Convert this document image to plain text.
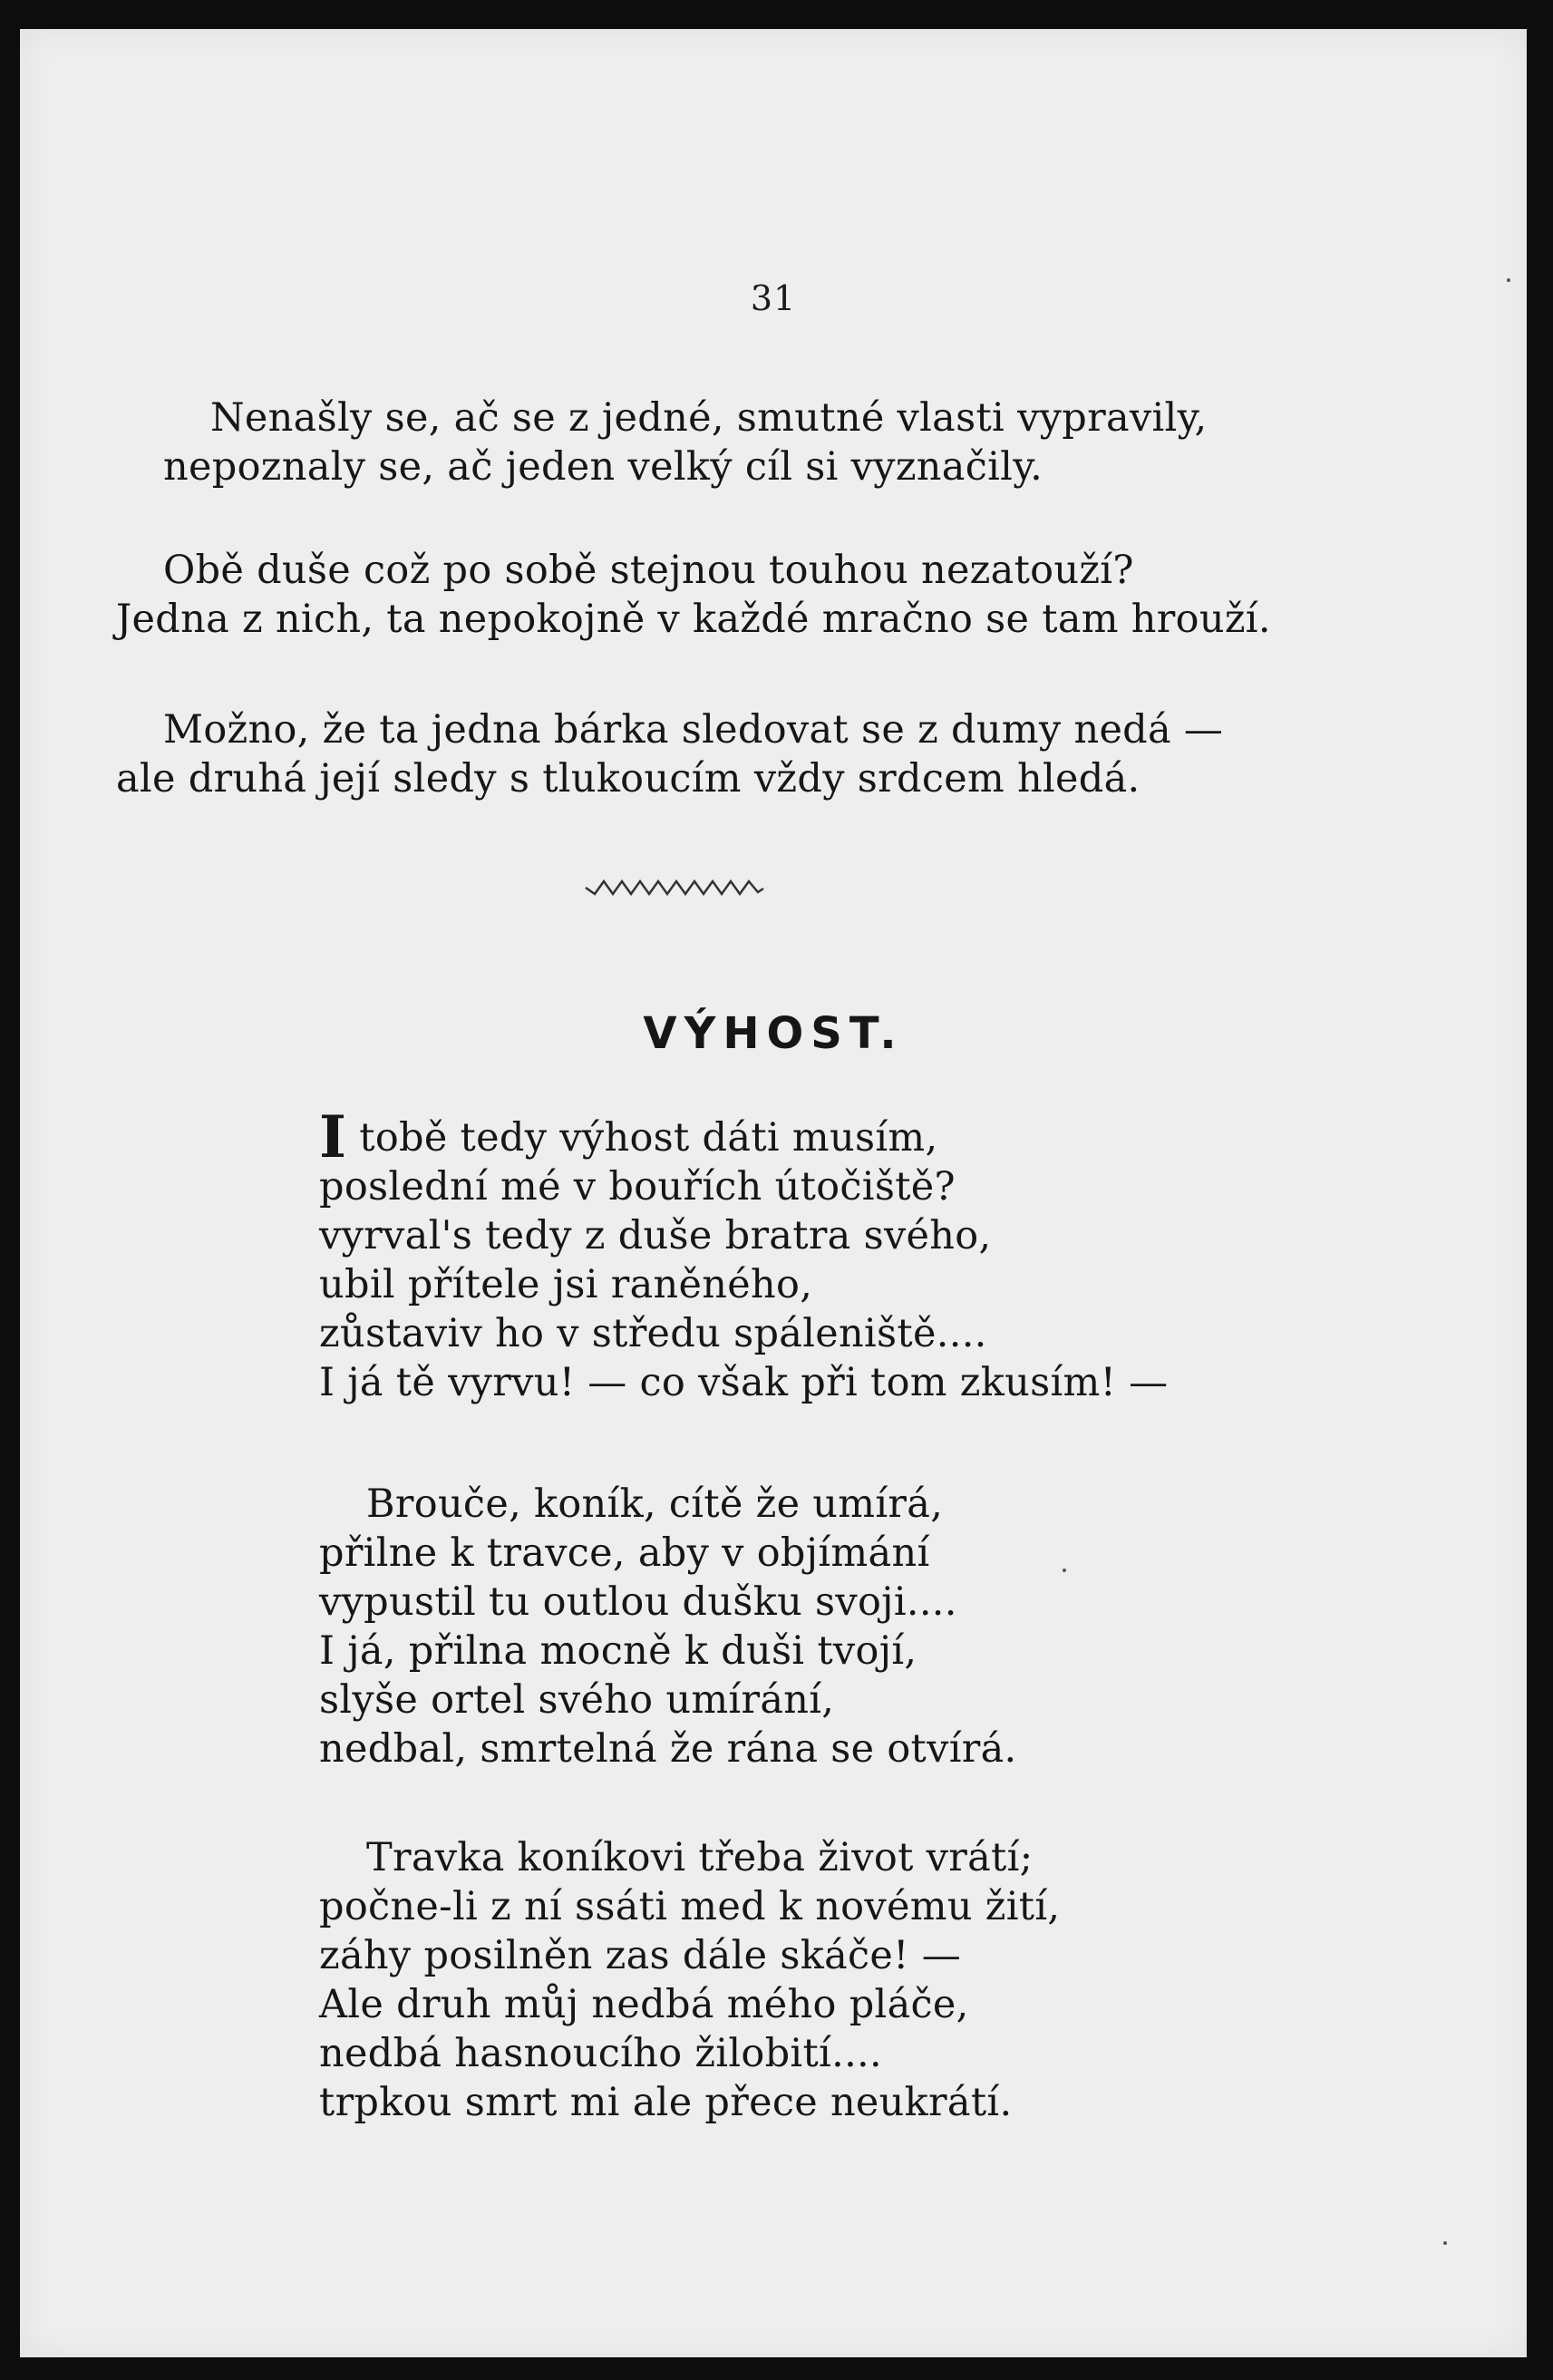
31
Nenašly se, ač se z jedné, smutné vlasti vypravily,
nepoznaly se, ač jeden velký cíl si vyznačily.
Obě duše což po sobě stejnou touhou nezatouží?
Jedna z nich, ta nepokojně v každé mračno se tam hrouží.
Možno, že ta jedna bárka sledovat se z dumy nedá —
ale druhá její sledy s tlukoucím vždy srdcem hledá.
VÝHOST.
I tobě tedy výhost dáti musím,
poslední mé v bouřích útočiště?
vyrval's tedy z duše bratra svého,
ubil přítele jsi raněného,
zůstaviv ho v středu spáleniště....
I já tě vyrvu! — co však při tom zkusím! —
Brouče, koník, cítě že umírá,
přilne k travce, aby v objímání
vypustil tu outlou dušku svoji....
I já, přilna mocně k duši tvojí,
slyše ortel svého umírání,
nedbal, smrtelná že rána se otvírá.
Travka koníkovi třeba život vrátí;
počne-li z ní ssáti med k novému žití,
záhy posilněn zas dále skáče! —
Ale druh můj nedbá mého pláče,
nedbá hasnoucího žilobití....
trpkou smrt mi ale přece neukrátí.
